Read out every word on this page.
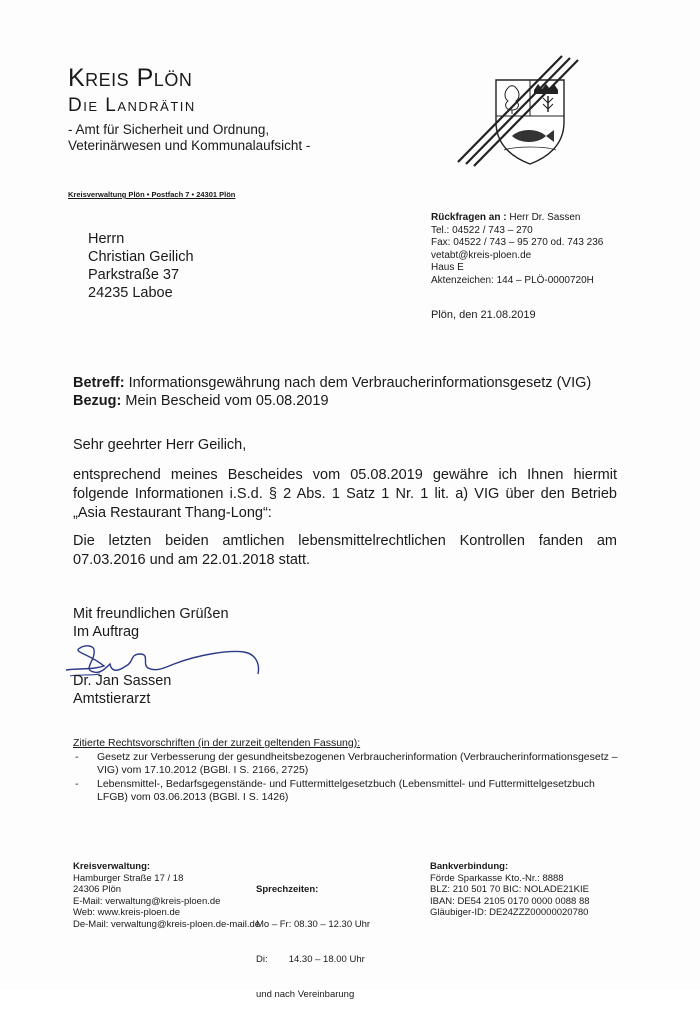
Kreis Plön
Die Landrätin
- Amt für Sicherheit und Ordnung,
Veterinärwesen und Kommunalaufsicht -
Kreisverwaltung Plön • Postfach 7 • 24301 Plön
Herrn
Christian Geilich
Parkstraße 37
24235 Laboe
Rückfragen an : Herr Dr. Sassen
Tel.: 04522 / 743 – 270
Fax: 04522 / 743 – 95 270 od. 743 236
vetabt@kreis-ploen.de
Haus E
Aktenzeichen: 144 – PLÖ-0000720H
Plön, den 21.08.2019
Betreff: Informationsgewährung nach dem Verbraucherinformationsgesetz (VIG)
Bezug: Mein Bescheid vom 05.08.2019
Sehr geehrter Herr Geilich,
entsprechend meines Bescheides vom 05.08.2019 gewähre ich Ihnen hiermit folgende Informationen i.S.d. § 2 Abs. 1 Satz 1 Nr. 1 lit. a) VIG über den Betrieb „Asia Restaurant Thang-Long“:
Die letzten beiden amtlichen lebensmittelrechtlichen Kontrollen fanden am 07.03.2016 und am 22.01.2018 statt.
Mit freundlichen Grüßen
Im Auftrag
Dr. Jan Sassen
Amtstierarzt
Zitierte Rechtsvorschriften (in der zurzeit geltenden Fassung):
- Gesetz zur Verbesserung der gesundheitsbezogenen Verbraucherinformation (Verbraucherinformationsgesetz – VIG) vom 17.10.2012 (BGBl. I S. 2166, 2725)
- Lebensmittel-, Bedarfsgegenstände- und Futtermittelgesetzbuch (Lebensmittel- und Futtermittelgesetzbuch LFGB) vom 03.06.2013 (BGBl. I S. 1426)
Kreisverwaltung:
Hamburger Straße 17 / 18
24306 Plön
E-Mail: verwaltung@kreis-ploen.de
Web: www.kreis-ploen.de
De-Mail: verwaltung@kreis-ploen.de-mail.de

Sprechzeiten:

Mo – Fr: 08.30 – 12.30 Uhr

Di:        14.30 – 18.00 Uhr

und nach Vereinbarung

Bankverbindung:
Förde Sparkasse Kto.-Nr.: 8888
BLZ: 210 501 70 BIC: NOLADE21KIE
IBAN: DE54 2105 0170 0000 0088 88
Gläubiger-ID: DE24ZZZ00000020780
